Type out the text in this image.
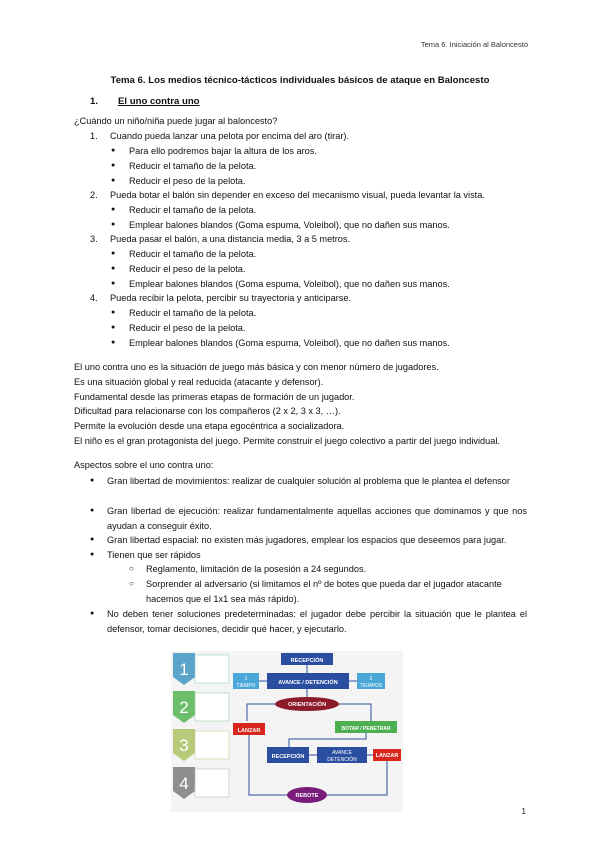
Tema 6. Iniciación al Baloncesto
Tema 6. Los medios técnico-tácticos individuales básicos de ataque en Baloncesto
1. El uno contra uno
¿Cuándo un niño/niña puede jugar al baloncesto?
1. Cuando pueda lanzar una pelota por encima del aro (tirar).
● Para ello podremos bajar la altura de los aros.
● Reducir el tamaño de la pelota.
● Reducir el peso de la pelota.
2. Pueda botar el balón sin depender en exceso del mecanismo visual, pueda levantar la vista.
● Reducir el tamaño de la pelota.
● Emplear balones blandos (Goma espuma, Voleibol), que no dañen sus manos.
3. Pueda pasar el balón, a una distancia media, 3 a 5 metros.
● Reducir el tamaño de la pelota.
● Reducir el peso de la pelota.
● Emplear balones blandos (Goma espuma, Voleibol), que no dañen sus manos.
4. Pueda recibir la pelota, percibir su trayectoria y anticiparse.
● Reducir el tamaño de la pelota.
● Reducir el peso de la pelota.
● Emplear balones blandos (Goma espuma, Voleibol), que no dañen sus manos.
El uno contra uno es la situación de juego más básica y con menor número de jugadores.
Es una situación global y real reducida (atacante y defensor).
Fundamental desde las primeras etapas de formación de un jugador.
Dificultad para relacionarse con los compañeros (2 x 2, 3 x 3, …).
Permite la evolución desde una etapa egocéntrica a socializadora.
El niño es el gran protagonista del juego. Permite construir el juego colectivo a partir del juego individual.
Aspectos sobre el uno contra uno:
● Gran libertad de movimientos: realizar de cualquier solución al problema que le plantea el defensor
● Gran libertad de ejecución: realizar fundamentalmente aquellas acciones que dominamos y que nos ayudan a conseguir éxito.
● Gran libertad espacial: no existen más jugadores, emplear los espacios que deseemos para jugar.
● Tienen que ser rápidos
○ Reglamento, limitación de la posesión a 24 segundos.
○ Sorprender al adversario (si limitamos el nº de botes que pueda dar el jugador atacante hacemos que el 1x1 sea más rápido).
● No deben tener soluciones predeterminadas: el jugador debe percibir la situación que le plantea el defensor, tomar decisiones, decidir qué hacer, y ejecutarlo.
1
2
3
4
RECEPCIÓN
1
TIEMPO	AVANCE / DETENCIÓN
2
TIEMPOS
ORIENTACIÓN
LANZAR	BOTAR / PENETRAR
RECEPCIÓN
AVANCE
DETENCIÓN
LANZAR
REBOTE
1
